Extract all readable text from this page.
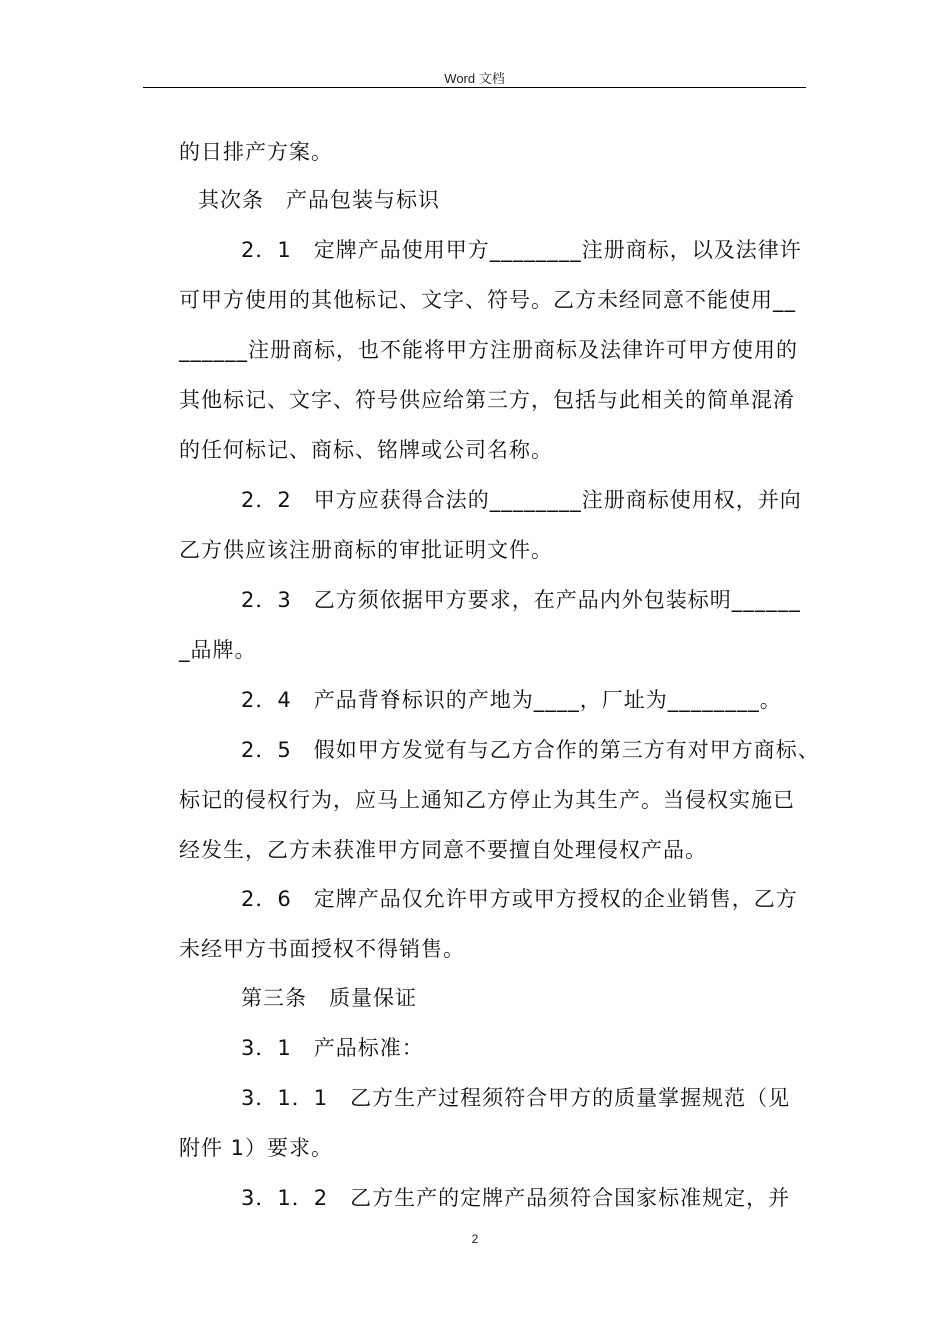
Word 文档
的日排产方案。
其次条　产品包装与标识
2．1　定牌产品使用甲方________注册商标，以及法律许
可甲方使用的其他标记、文字、符号。乙方未经同意不能使用__
______注册商标，也不能将甲方注册商标及法律许可甲方使用的
其他标记、文字、符号供应给第三方，包括与此相关的简单混淆
的任何标记、商标、铭牌或公司名称。
2．2　甲方应获得合法的________注册商标使用权，并向
乙方供应该注册商标的审批证明文件。
2．3　乙方须依据甲方要求，在产品内外包装标明______
_品牌。
2．4　产品背脊标识的产地为____，厂址为________。
2．5　假如甲方发觉有与乙方合作的第三方有对甲方商标、
标记的侵权行为，应马上通知乙方停止为其生产。当侵权实施已
经发生，乙方未获准甲方同意不要擅自处理侵权产品。
2．6　定牌产品仅允许甲方或甲方授权的企业销售，乙方
未经甲方书面授权不得销售。
第三条　质量保证
3．1　产品标准：
3．1．1　乙方生产过程须符合甲方的质量掌握规范（见
附件 1）要求。
3．1．2　乙方生产的定牌产品须符合国家标准规定，并
2
